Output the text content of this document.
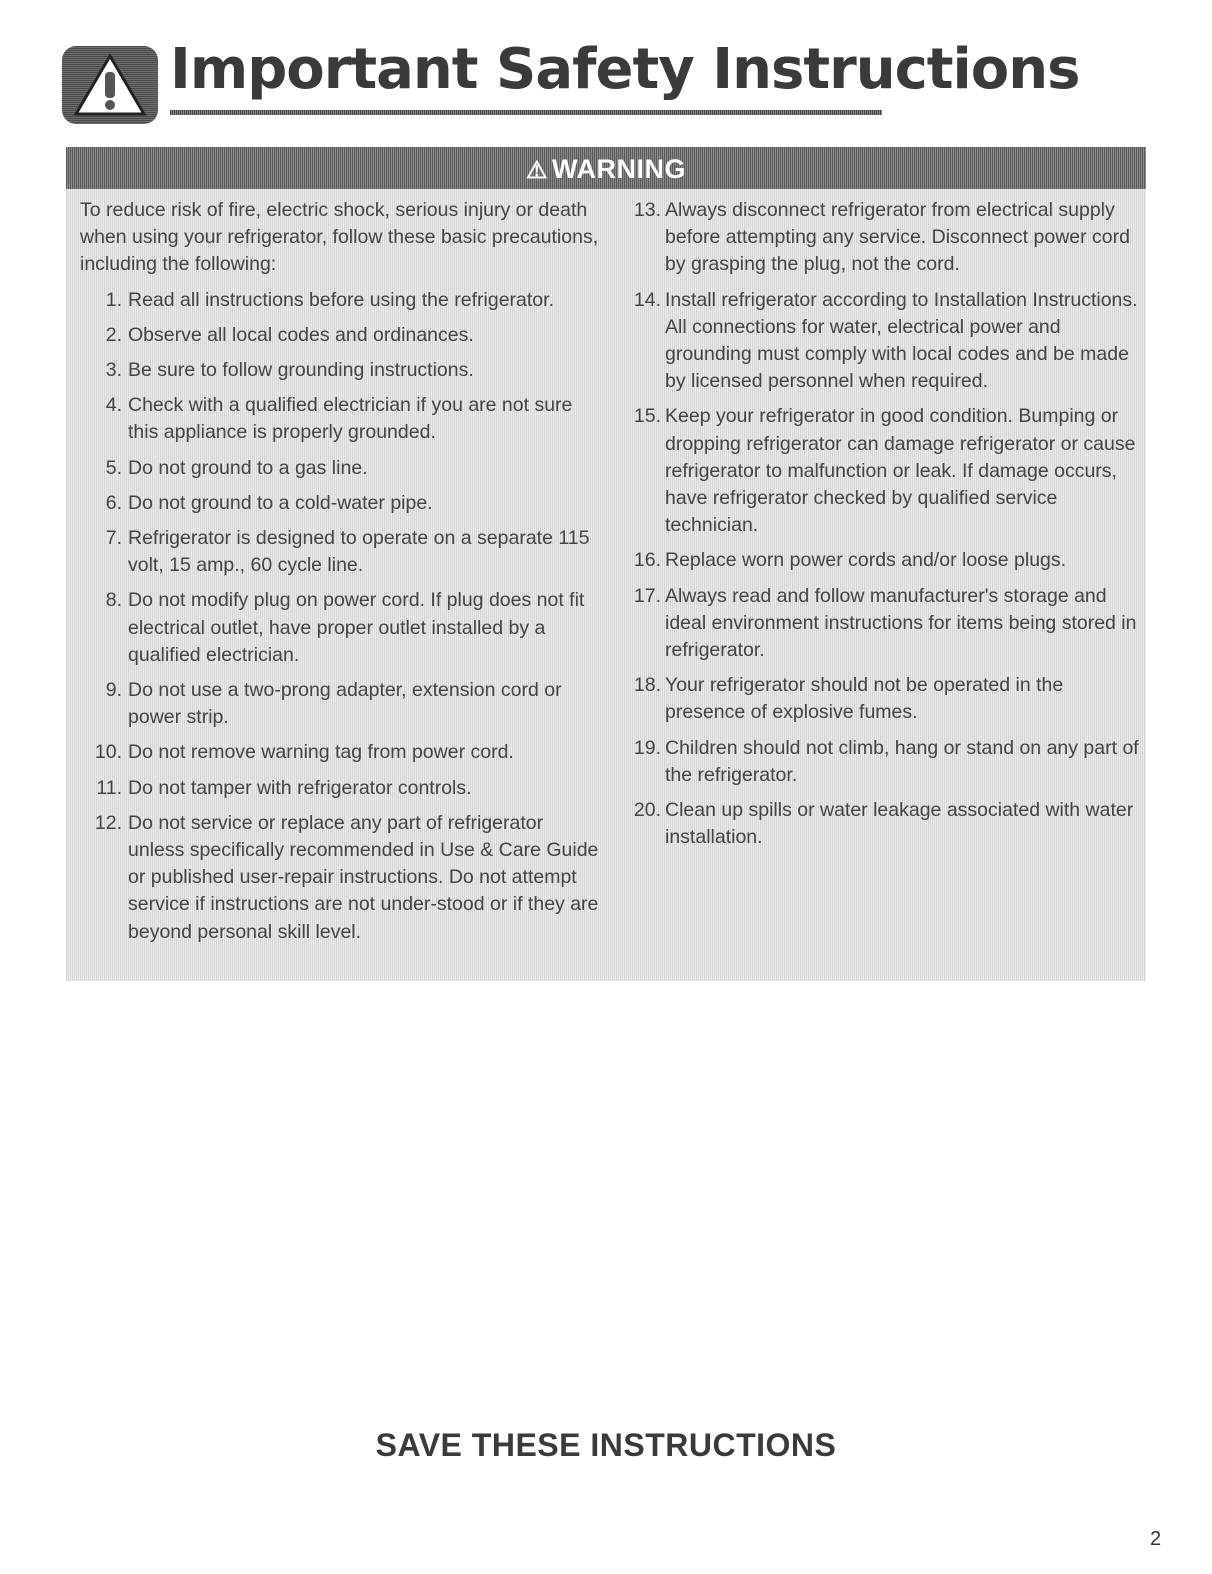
Important Safety Instructions
⚠ WARNING

To reduce risk of fire, electric shock, serious injury or death when using your refrigerator, follow these basic precautions, including the following:

1. Read all instructions before using the refrigerator.
2. Observe all local codes and ordinances.
3. Be sure to follow grounding instructions.
4. Check with a qualified electrician if you are not sure this appliance is properly grounded.
5. Do not ground to a gas line.
6. Do not ground to a cold-water pipe.
7. Refrigerator is designed to operate on a separate 115 volt, 15 amp., 60 cycle line.
8. Do not modify plug on power cord. If plug does not fit electrical outlet, have proper outlet installed by a qualified electrician.
9. Do not use a two-prong adapter, extension cord or power strip.
10. Do not remove warning tag from power cord.
11. Do not tamper with refrigerator controls.
12. Do not service or replace any part of refrigerator unless specifically recommended in Use & Care Guide or published user-repair instructions. Do not attempt service if instructions are not under-stood or if they are beyond personal skill level.
13. Always disconnect refrigerator from electrical supply before attempting any service. Disconnect power cord by grasping the plug, not the cord.
14. Install refrigerator according to Installation Instructions. All connections for water, electrical power and grounding must comply with local codes and be made by licensed personnel when required.
15. Keep your refrigerator in good condition. Bumping or dropping refrigerator can damage refrigerator or cause refrigerator to malfunction or leak. If damage occurs, have refrigerator checked by qualified service technician.
16. Replace worn power cords and/or loose plugs.
17. Always read and follow manufacturer's storage and ideal environment instructions for items being stored in refrigerator.
18. Your refrigerator should not be operated in the presence of explosive fumes.
19. Children should not climb, hang or stand on any part of the refrigerator.
20. Clean up spills or water leakage associated with water installation.
SAVE THESE INSTRUCTIONS
2
